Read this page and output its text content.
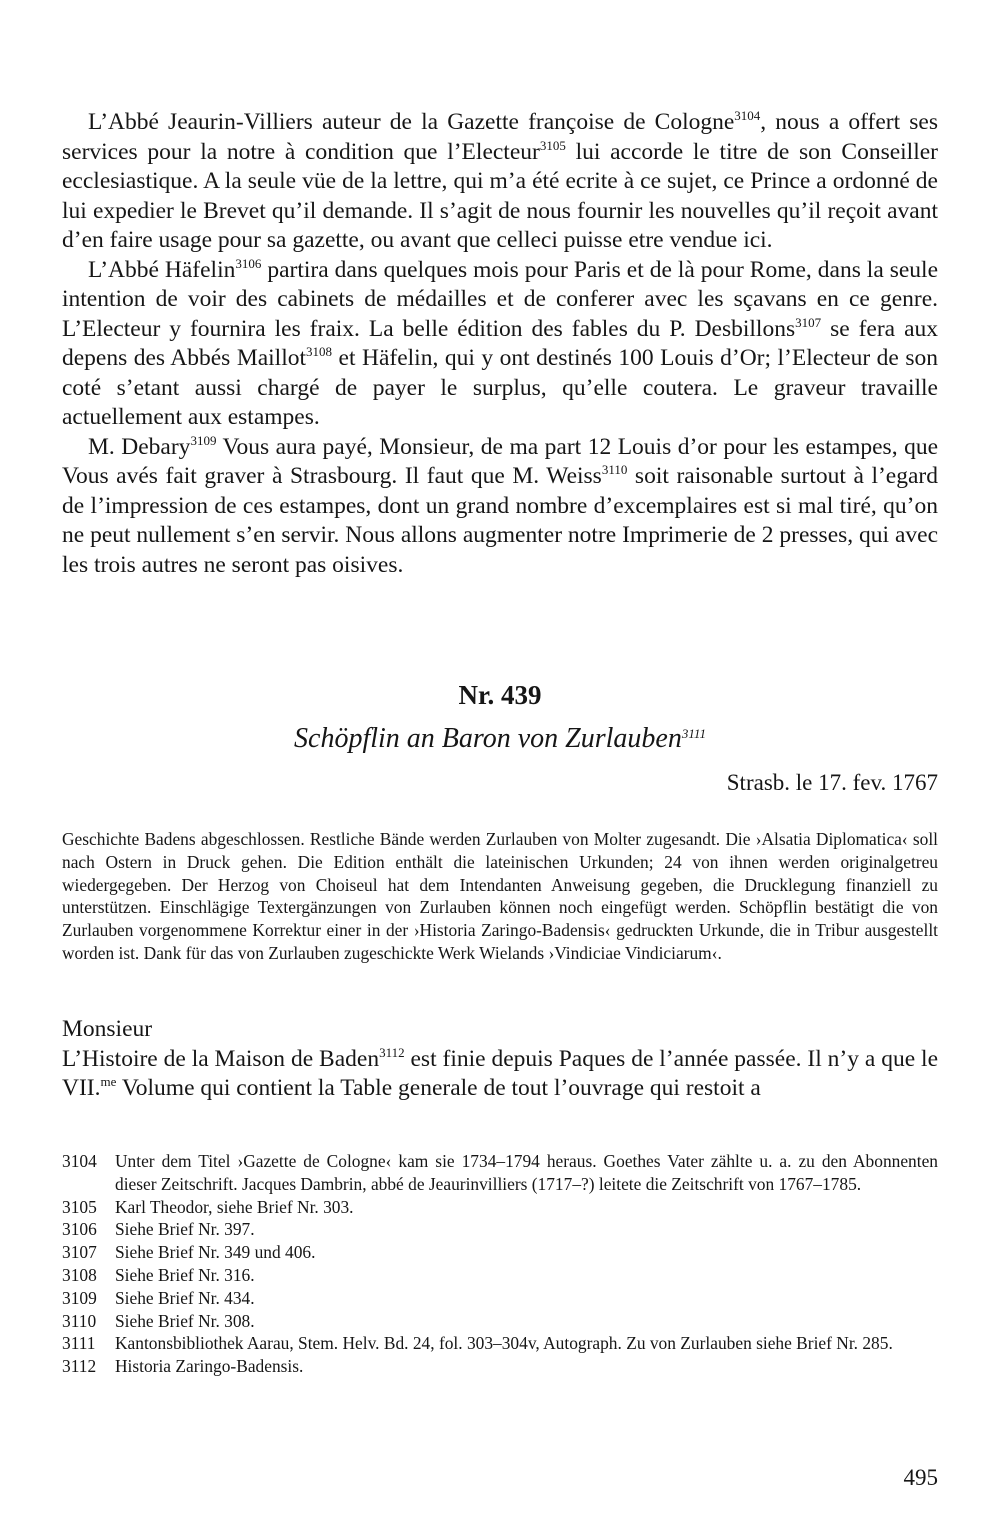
L’Abbé Jeaurin-Villiers auteur de la Gazette françoise de Cologne$^{3104}$, nous a offert ses services pour la notre à condition que l’Electeur$^{3105}$ lui accorde le titre de son Conseiller ecclesiastique. A la seule vüe de la lettre, qui m’a été ecrite à ce sujet, ce Prince a ordonné de lui expedier le Brevet qu’il demande. Il s’agit de nous fournir les nouvelles qu’il reçoit avant d’en faire usage pour sa gazette, ou avant que celleci puisse etre vendue ici.

L’Abbé Häfelin$^{3106}$ partira dans quelques mois pour Paris et de là pour Rome, dans la seule intention de voir des cabinets de médailles et de conferer avec les sçavans en ce genre. L’Electeur y fournira les fraix. La belle édition des fables du P. Desbillons$^{3107}$ se fera aux depens des Abbés Maillot$^{3108}$ et Häfelin, qui y ont destinés 100 Louis d’Or; l’Electeur de son coté s’etant aussi chargé de payer le surplus, qu’elle coutera. Le graveur travaille actuellement aux estampes.

M. Debary$^{3109}$ Vous aura payé, Monsieur, de ma part 12 Louis d’or pour les estampes, que Vous avés fait graver à Strasbourg. Il faut que M. Weiss$^{3110}$ soit raisonable surtout à l’egard de l’impression de ces estampes, dont un grand nombre d’excemplaires est si mal tiré, qu’on ne peut nullement s’en servir. Nous allons augmenter notre Imprimerie de 2 presses, qui avec les trois autres ne seront pas oisives.

Nr. 439
Schöpflin an Baron von Zurlauben$^{3111}$
Strasb. le 17. fev. 1767
Geschichte Badens abgeschlossen. Restliche Bände werden Zurlauben von Molter zugesandt. Die ›Alsatia Diplomatica‹ soll nach Ostern in Druck gehen. Die Edition enthält die lateinischen Urkunden; 24 von ihnen werden originalgetreu wiedergegeben. Der Herzog von Choiseul hat dem Intendanten Anweisung gegeben, die Drucklegung finanziell zu unterstützen. Einschlägige Textergänzungen von Zurlauben können noch eingefügt werden. Schöpflin bestätigt die von Zurlauben vorgenommene Korrektur einer in der ›Historia Zaringo-Badensis‹ gedruckten Urkunde, die in Tribur ausgestellt worden ist. Dank für das von Zurlauben zugeschickte Werk Wielands ›Vindiciae Vindiciarum‹.

Monsieur

L’Histoire de la Maison de Baden$^{3112}$ est finie depuis Paques de l’année passée. Il n’y a que le VII.$^{me}$ Volume qui contient la Table generale de tout l’ouvrage qui restoit a

3104	Unter dem Titel ›Gazette de Cologne‹ kam sie 1734–1794 heraus. Goethes Vater zählte u. a. zu den Abonnenten dieser Zeitschrift. Jacques Dambrin, abbé de Jeaurinvilliers (1717–?) leitete die Zeitschrift von 1767–1785.
3105	Karl Theodor, siehe Brief Nr. 303.
3106	Siehe Brief Nr. 397.
3107	Siehe Brief Nr. 349 und 406.
3108	Siehe Brief Nr. 316.
3109	Siehe Brief Nr. 434.
3110	Siehe Brief Nr. 308.
3111	Kantonsbibliothek Aarau, Stem. Helv. Bd. 24, fol. 303–304v, Autograph. Zu von Zurlauben siehe Brief Nr. 285.
3112	Historia Zaringo-Badensis.
495
